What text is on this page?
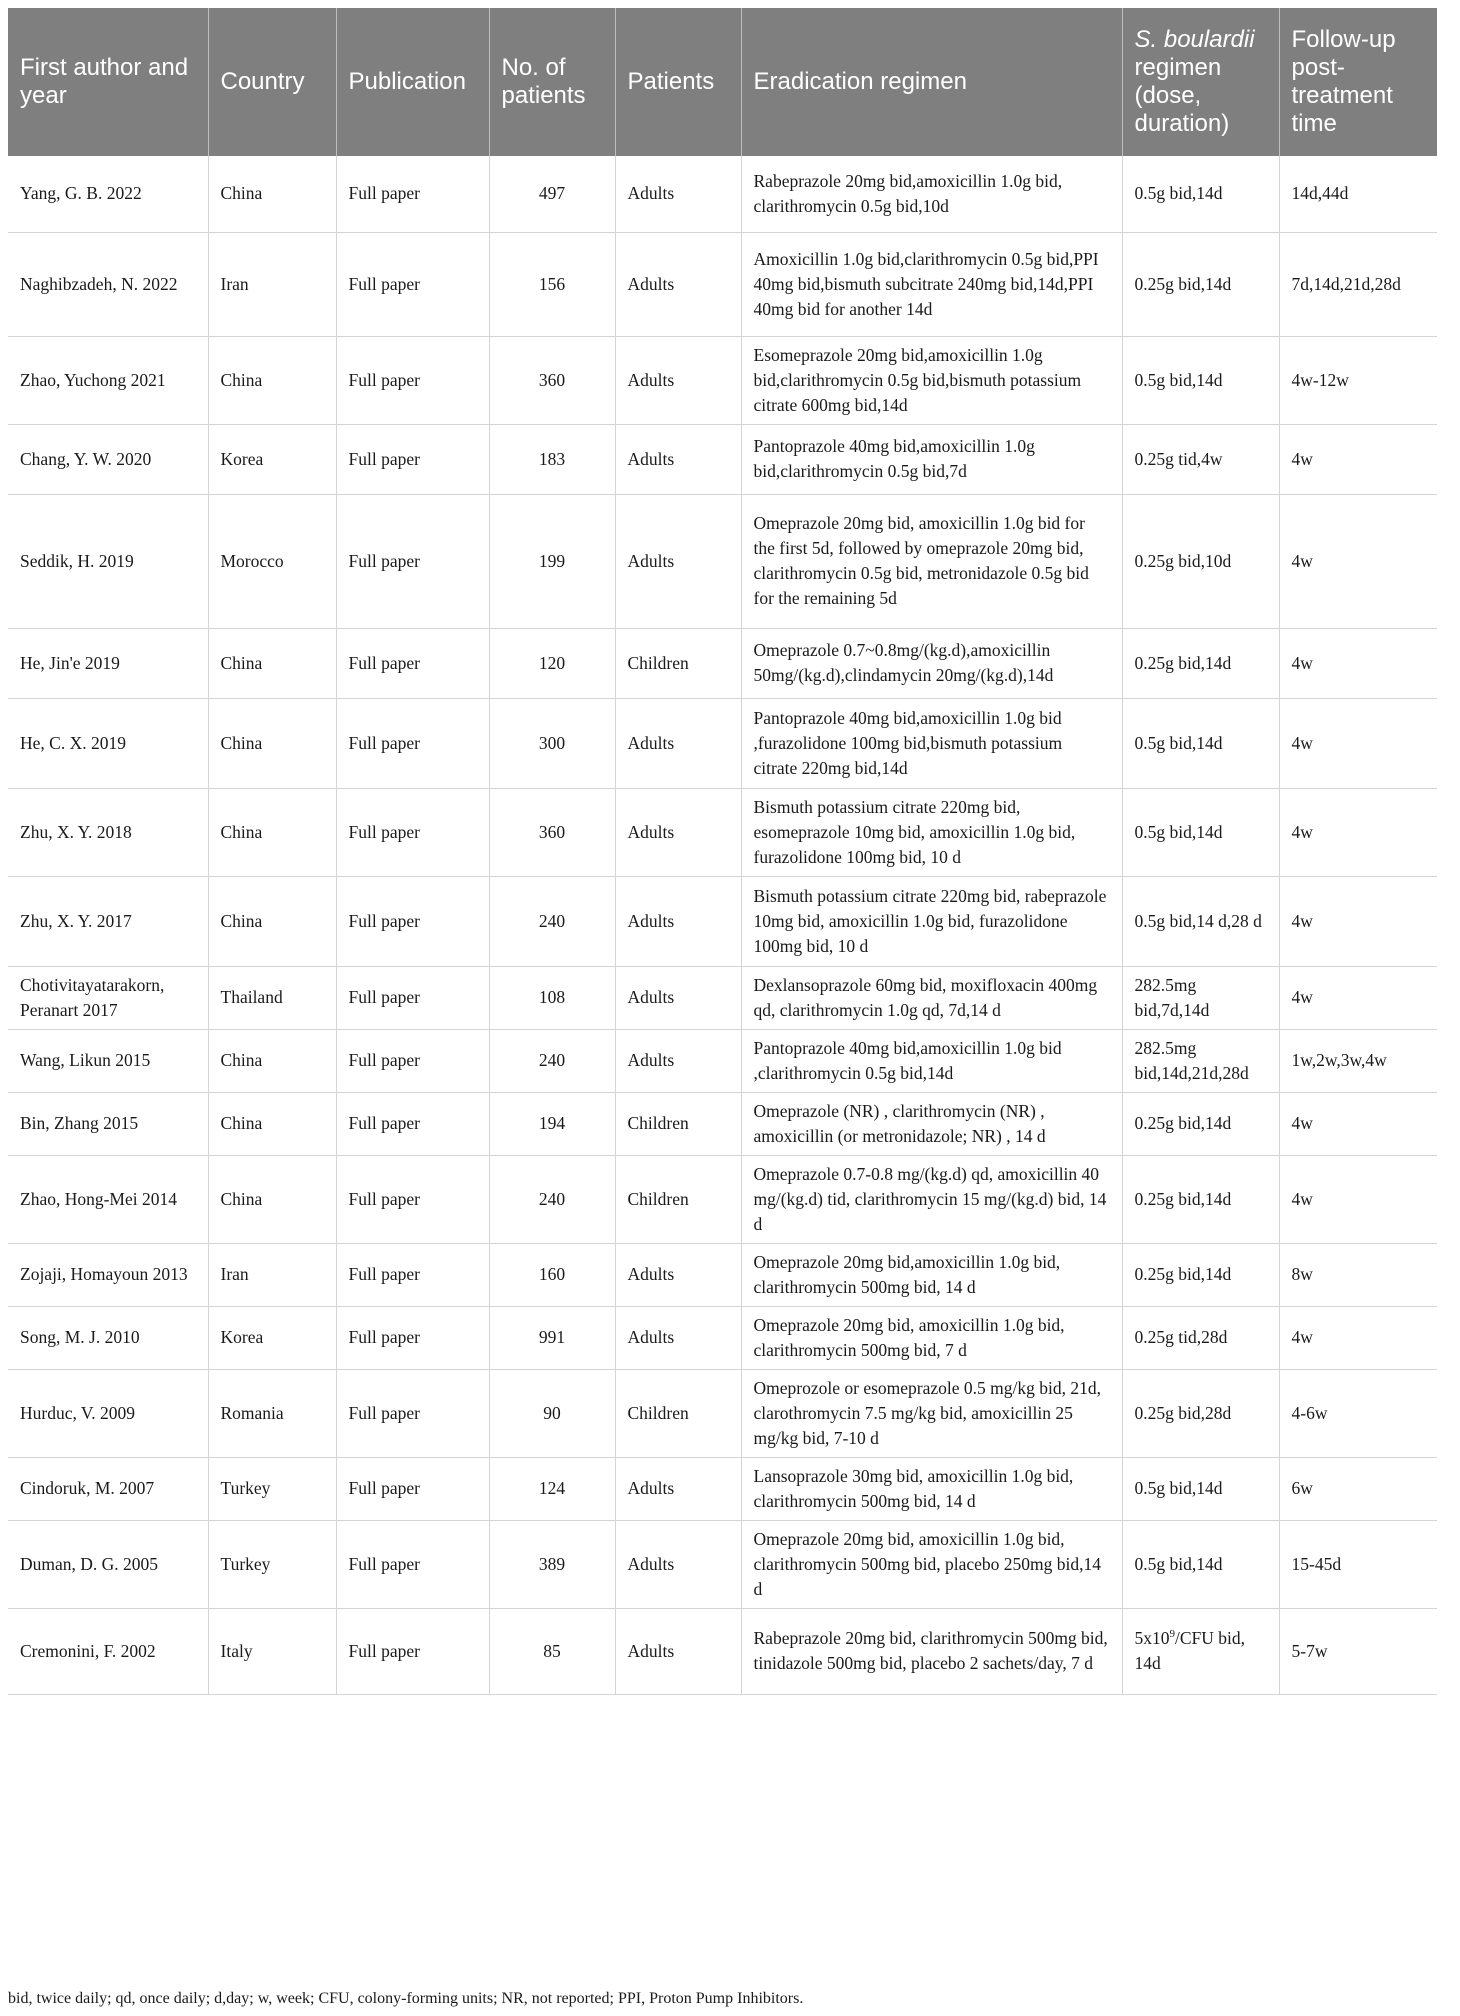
First author and year	Country	Publication	No. of patients	Patients	Eradication regimen	S. boulardii regimen (dose, duration)	Follow-up post-treatment time
Yang, G. B. 2022	China	Full paper	497	Adults	Rabeprazole 20mg bid,amoxicillin 1.0g bid, clarithromycin 0.5g bid,10d	0.5g bid,14d	14d,44d
Naghibzadeh, N. 2022	Iran	Full paper	156	Adults	Amoxicillin 1.0g bid,clarithromycin 0.5g bid,PPI 40mg bid,bismuth subcitrate 240mg bid,14d,PPI 40mg bid for another 14d	0.25g bid,14d	7d,14d,21d,28d
Zhao, Yuchong 2021	China	Full paper	360	Adults	Esomeprazole 20mg bid,amoxicillin 1.0g bid,clarithromycin 0.5g bid,bismuth potassium citrate 600mg bid,14d	0.5g bid,14d	4w-12w
Chang, Y. W. 2020	Korea	Full paper	183	Adults	Pantoprazole 40mg bid,amoxicillin 1.0g bid,clarithromycin 0.5g bid,7d	0.25g tid,4w	4w
Seddik, H. 2019	Morocco	Full paper	199	Adults	Omeprazole 20mg bid, amoxicillin 1.0g bid for the first 5d, followed by omeprazole 20mg bid, clarithromycin 0.5g bid, metronidazole 0.5g bid for the remaining 5d	0.25g bid,10d	4w
He, Jin'e 2019	China	Full paper	120	Children	Omeprazole 0.7~0.8mg/(kg.d),amoxicillin 50mg/(kg.d),clindamycin 20mg/(kg.d),14d	0.25g bid,14d	4w
He, C. X. 2019	China	Full paper	300	Adults	Pantoprazole 40mg bid,amoxicillin 1.0g bid ,furazolidone 100mg bid,bismuth potassium citrate 220mg bid,14d	0.5g bid,14d	4w
Zhu, X. Y. 2018	China	Full paper	360	Adults	Bismuth potassium citrate 220mg bid, esomeprazole 10mg bid, amoxicillin 1.0g bid, furazolidone 100mg bid, 10 d	0.5g bid,14d	4w
Zhu, X. Y. 2017	China	Full paper	240	Adults	Bismuth potassium citrate 220mg bid, rabeprazole 10mg bid, amoxicillin 1.0g bid, furazolidone 100mg bid, 10 d	0.5g bid,14 d,28 d	4w
Chotivitayatarakorn, Peranart 2017	Thailand	Full paper	108	Adults	Dexlansoprazole 60mg bid, moxifloxacin 400mg qd, clarithromycin 1.0g qd, 7d,14 d	282.5mg bid,7d,14d	4w
Wang, Likun 2015	China	Full paper	240	Adults	Pantoprazole 40mg bid,amoxicillin 1.0g bid ,clarithromycin 0.5g bid,14d	282.5mg bid,14d,21d,28d	1w,2w,3w,4w
Bin, Zhang 2015	China	Full paper	194	Children	Omeprazole (NR) , clarithromycin (NR) , amoxicillin (or metronidazole; NR) , 14 d	0.25g bid,14d	4w
Zhao, Hong-Mei 2014	China	Full paper	240	Children	Omeprazole 0.7-0.8 mg/(kg.d) qd, amoxicillin 40 mg/(kg.d) tid, clarithromycin 15 mg/(kg.d) bid, 14 d	0.25g bid,14d	4w
Zojaji, Homayoun 2013	Iran	Full paper	160	Adults	Omeprazole 20mg bid,amoxicillin 1.0g bid, clarithromycin 500mg bid, 14 d	0.25g bid,14d	8w
Song, M. J. 2010	Korea	Full paper	991	Adults	Omeprazole 20mg bid, amoxicillin 1.0g bid, clarithromycin 500mg bid, 7 d	0.25g tid,28d	4w
Hurduc, V. 2009	Romania	Full paper	90	Children	Omeprozole or esomeprazole 0.5 mg/kg bid, 21d, clarothromycin 7.5 mg/kg bid, amoxicillin 25 mg/kg bid, 7-10 d	0.25g bid,28d	4-6w
Cindoruk, M. 2007	Turkey	Full paper	124	Adults	Lansoprazole 30mg bid, amoxicillin 1.0g bid, clarithromycin 500mg bid, 14 d	0.5g bid,14d	6w
Duman, D. G. 2005	Turkey	Full paper	389	Adults	Omeprazole 20mg bid, amoxicillin 1.0g bid, clarithromycin 500mg bid, placebo 250mg bid,14 d	0.5g bid,14d	15-45d
Cremonini, F. 2002	Italy	Full paper	85	Adults	Rabeprazole 20mg bid, clarithromycin 500mg bid, tinidazole 500mg bid, placebo 2 sachets/day, 7 d	$5x10^9$/CFU bid, 14d	5-7w
bid, twice daily; qd, once daily; d,day; w, week; CFU, colony-forming units; NR, not reported; PPI, Proton Pump Inhibitors.
